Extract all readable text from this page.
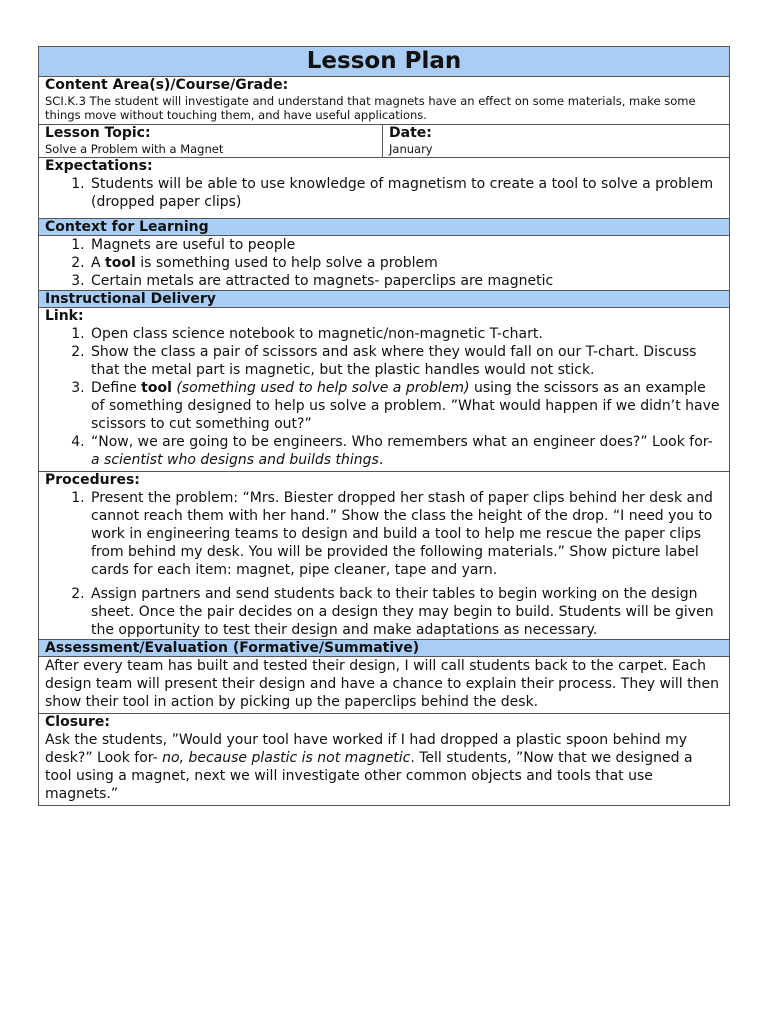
Lesson Plan
Content Area(s)/Course/Grade:
SCI.K.3 The student will investigate and understand that magnets have an effect on some materials, make some things move without touching them, and have useful applications.
Lesson Topic:
Solve a Problem with a Magnet
Date:
January
Expectations:
1. Students will be able to use knowledge of magnetism to create a tool to solve a problem (dropped paper clips)
Context for Learning
1. Magnets are useful to people
2. A tool is something used to help solve a problem
3. Certain metals are attracted to magnets- paperclips are magnetic
Instructional Delivery
Link:
1. Open class science notebook to magnetic/non-magnetic T-chart.
2. Show the class a pair of scissors and ask where they would fall on our T-chart. Discuss that the metal part is magnetic, but the plastic handles would not stick.
3. Define tool (something used to help solve a problem) using the scissors as an example of something designed to help us solve a problem. ”What would happen if we didn’t have scissors to cut something out?”
4. “Now, we are going to be engineers. Who remembers what an engineer does?” Look for- a scientist who designs and builds things.
Procedures:
1. Present the problem: “Mrs. Biester dropped her stash of paper clips behind her desk and cannot reach them with her hand.” Show the class the height of the drop. “I need you to work in engineering teams to design and build a tool to help me rescue the paper clips from behind my desk. You will be provided the following materials.” Show picture label cards for each item: magnet, pipe cleaner, tape and yarn.
2. Assign partners and send students back to their tables to begin working on the design sheet. Once the pair decides on a design they may begin to build. Students will be given the opportunity to test their design and make adaptations as necessary.
Assessment/Evaluation (Formative/Summative)
After every team has built and tested their design, I will call students back to the carpet. Each design team will present their design and have a chance to explain their process. They will then show their tool in action by picking up the paperclips behind the desk.
Closure:
Ask the students, ”Would your tool have worked if I had dropped a plastic spoon behind my desk?” Look for- no, because plastic is not magnetic. Tell students, ”Now that we designed a tool using a magnet, next we will investigate other common objects and tools that use magnets.”
